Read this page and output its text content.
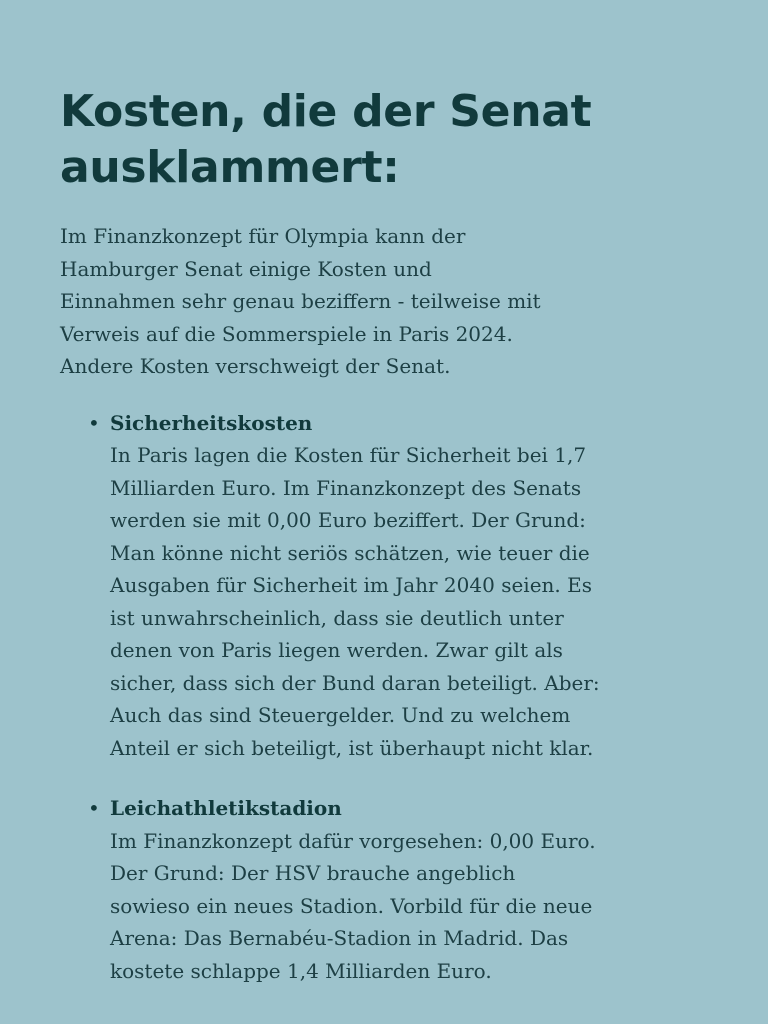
Kosten, die der Senat
ausklammert:

Im Finanzkonzept für Olympia kann der
Hamburger Senat einige Kosten und
Einnahmen sehr genau beziffern - teilweise mit
Verweis auf die Sommerspiele in Paris 2024.
Andere Kosten verschweigt der Senat.

• Sicherheitskosten

In Paris lagen die Kosten für Sicherheit bei 1,7
Milliarden Euro. Im Finanzkonzept des Senats
werden sie mit 0,00 Euro beziffert. Der Grund:
Man könne nicht seriös schätzen, wie teuer die
Ausgaben für Sicherheit im Jahr 2040 seien. Es
ist unwahrscheinlich, dass sie deutlich unter
denen von Paris liegen werden. Zwar gilt als
sicher, dass sich der Bund daran beteiligt. Aber:
Auch das sind Steuergelder. Und zu welchem
Anteil er sich beteiligt, ist überhaupt nicht klar.

• Leichathletikstadion

Im Finanzkonzept dafür vorgesehen: 0,00 Euro.
Der Grund: Der HSV brauche angeblich
sowieso ein neues Stadion. Vorbild für die neue
Arena: Das Bernabéu-Stadion in Madrid. Das
kostete schlappe 1,4 Milliarden Euro.
